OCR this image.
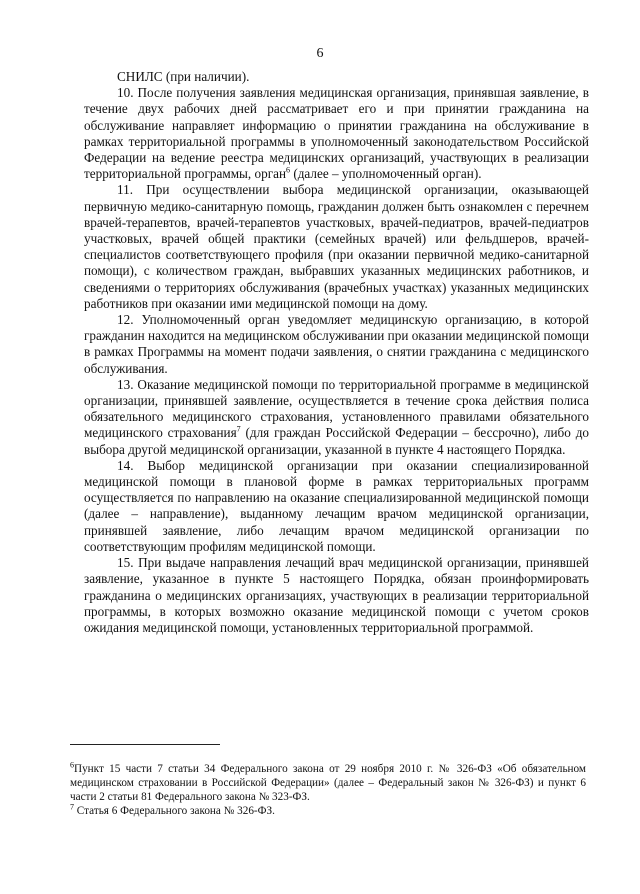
6

СНИЛС (при наличии).

10. После получения заявления медицинская организация, принявшая заявление, в течение двух рабочих дней рассматривает его и при принятии гражданина на обслуживание направляет информацию о принятии гражданина на обслуживание в рамках территориальной программы в уполномоченный законодательством Российской Федерации на ведение реестра медицинских организаций, участвующих в реализации территориальной программы, орган$^6$ (далее – уполномоченный орган).

11. При осуществлении выбора медицинской организации, оказывающей первичную медико-санитарную помощь, гражданин должен быть ознакомлен с перечнем врачей-терапевтов, врачей-терапевтов участковых, врачей-педиатров, врачей-педиатров участковых, врачей общей практики (семейных врачей) или фельдшеров, врачей-специалистов соответствующего профиля (при оказании первичной медико-санитарной помощи), с количеством граждан, выбравших указанных медицинских работников, и сведениями о территориях обслуживания (врачебных участках) указанных медицинских работников при оказании ими медицинской помощи на дому.

12. Уполномоченный орган уведомляет медицинскую организацию, в которой гражданин находится на медицинском обслуживании при оказании медицинской помощи в рамках Программы на момент подачи заявления, о снятии гражданина с медицинского обслуживания.

13. Оказание медицинской помощи по территориальной программе в медицинской организации, принявшей заявление, осуществляется в течение срока действия полиса обязательного медицинского страхования, установленного правилами обязательного медицинского страхования$^7$ (для граждан Российской Федерации – бессрочно), либо до выбора другой медицинской организации, указанной в пункте 4 настоящего Порядка.

14. Выбор медицинской организации при оказании специализированной медицинской помощи в плановой форме в рамках территориальных программ осуществляется по направлению на оказание специализированной медицинской помощи (далее – направление), выданному лечащим врачом медицинской организации, принявшей заявление, либо лечащим врачом медицинской организации по соответствующим профилям медицинской помощи.

15. При выдаче направления лечащий врач медицинской организации, принявшей заявление, указанное в пункте 5 настоящего Порядка, обязан проинформировать гражданина о медицинских организациях, участвующих в реализации территориальной программы, в которых возможно оказание медицинской помощи с учетом сроков ожидания медицинской помощи, установленных территориальной программой.

$^6$Пункт 15 части 7 статьи 34 Федерального закона от 29 ноября 2010 г. № 326-ФЗ «Об обязательном медицинском страховании в Российской Федерации» (далее – Федеральный закон № 326-ФЗ) и пункт 6 части 2 статьи 81 Федерального закона № 323-ФЗ.

$^7$ Статья 6 Федерального закона № 326-ФЗ.
